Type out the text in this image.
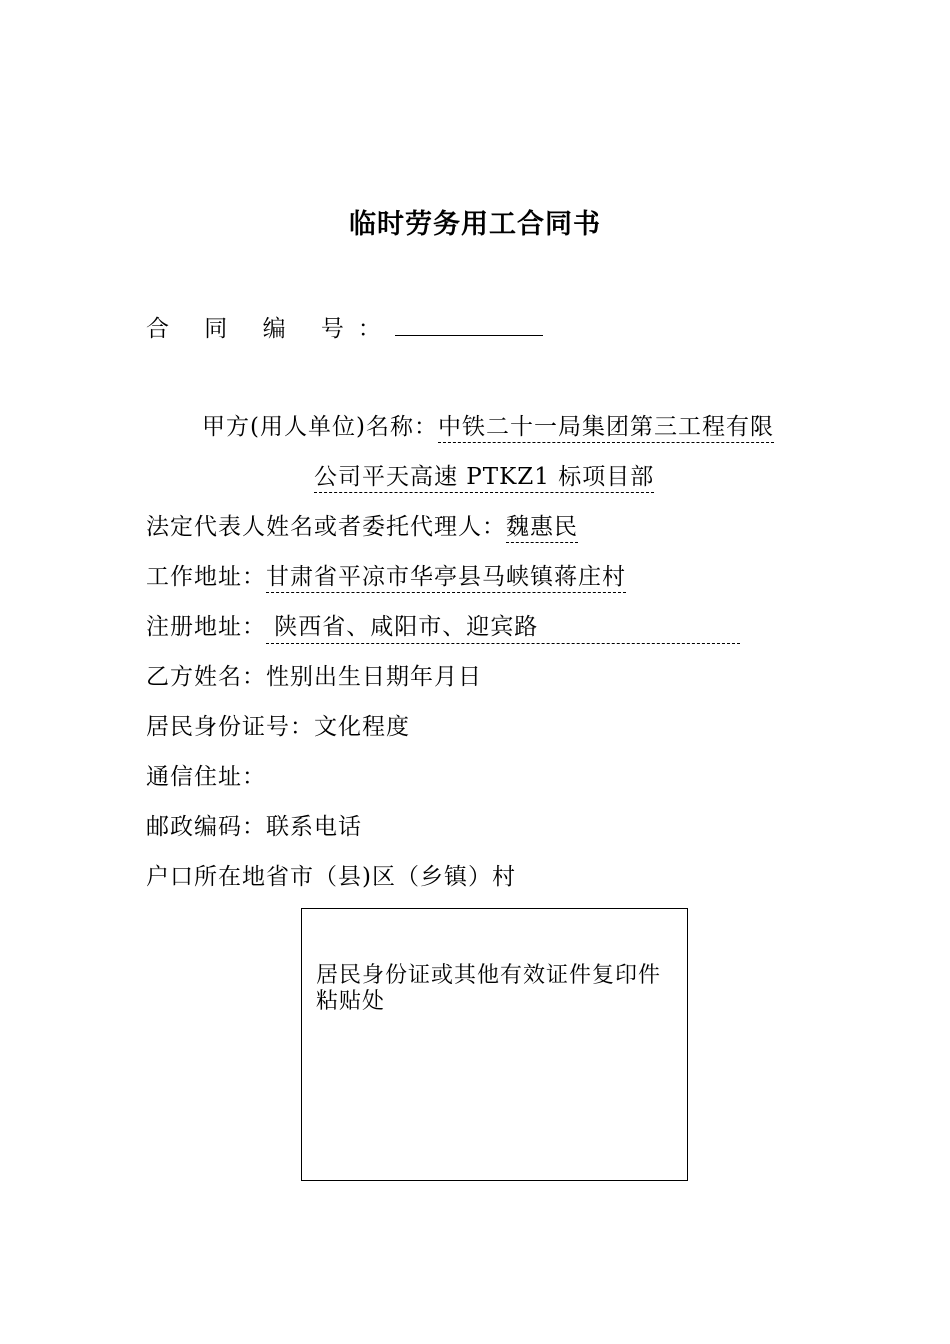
临时劳务用工合同书
合 同 编 号：
甲方(用人单位)名称：中铁二十一局集团第三工程有限
公司平天高速 PTKZ1 标项目部
法定代表人姓名或者委托代理人：魏惠民
工作地址：甘肃省平凉市华亭县马峡镇蒋庄村
注册地址： 陕西省、咸阳市、迎宾路
乙方姓名：性别出生日期年月日
居民身份证号：文化程度
通信住址：
邮政编码：联系电话
户口所在地省市（县)区（乡镇）村
居民身份证或其他有效证件复印件粘贴处
